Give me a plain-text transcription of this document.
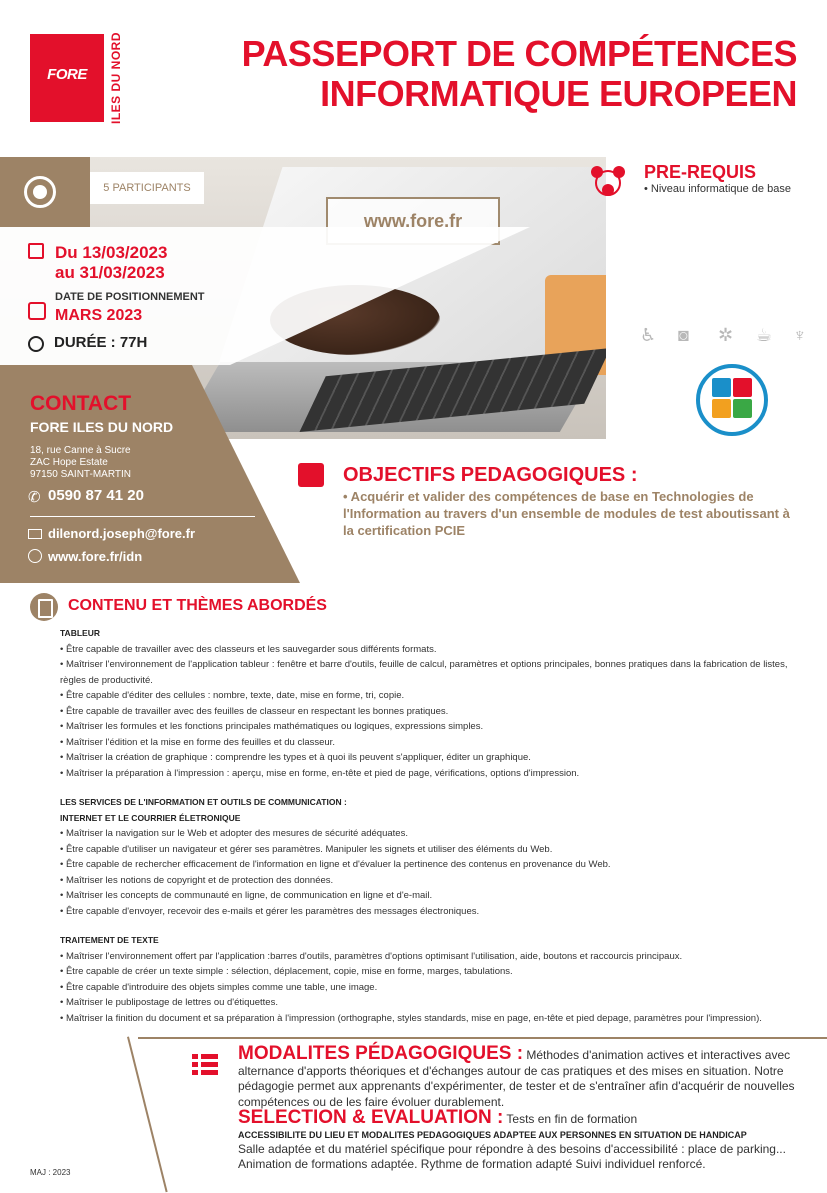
FORE	ILES DU NORD	PASSEPORT DE COMPÉTENCES
INFORMATIQUE EUROPEEN
www.fore.fr
5 PARTICIPANTS
Du 13/03/2023
au 31/03/2023
DATE DE POSITIONNEMENT
MARS 2023
DURÉE : 77H
CONTACT
FORE ILES DU NORD
18, rue Canne à Sucre
ZAC Hope Estate
97150 SAINT-MARTIN
✆ 0590 87 41 20
dilenord.joseph@fore.fr
www.fore.fr/idn
PRE-REQUIS
• Niveau informatique de base
♿ ◙ ✲ ☕ ♆
OBJECTIFS PEDAGOGIQUES :
• Acquérir et valider des compétences de base en Technologies de l'Information au travers d'un ensemble de modules de test aboutissant à la certification PCIE
CONTENU ET THÈMES ABORDÉS
TABLEUR
• Être capable de travailler avec des classeurs et les sauvegarder sous différents formats.
• Maîtriser l'environnement de l'application tableur : fenêtre et barre d'outils, feuille de calcul, paramètres et options principales, bonnes pratiques dans la fabrication de listes, règles de productivité.
• Être capable d'éditer des cellules : nombre, texte, date, mise en forme, tri, copie.
• Être capable de travailler avec des feuilles de classeur en respectant les bonnes pratiques.
• Maîtriser les formules et les fonctions principales mathématiques ou logiques, expressions simples.
• Maîtriser l'édition et la mise en forme des feuilles et du classeur.
• Maîtriser la création de graphique : comprendre les types et à quoi ils peuvent s'appliquer, éditer un graphique.
• Maîtriser la préparation à l'impression : aperçu, mise en forme, en-tête et pied de page, vérifications, options d'impression.
LES SERVICES DE L'INFORMATION ET OUTILS DE COMMUNICATION :
INTERNET ET LE COURRIER ÉLETRONIQUE
• Maîtriser la navigation sur le Web et adopter des mesures de sécurité adéquates.
• Être capable d'utiliser un navigateur et gérer ses paramètres. Manipuler les signets et utiliser des éléments du Web.
• Être capable de rechercher efficacement de l'information en ligne et d'évaluer la pertinence des contenus en provenance du Web.
• Maîtriser les notions de copyright et de protection des données.
• Maîtriser les concepts de communauté en ligne, de communication en ligne et d'e-mail.
• Être capable d'envoyer, recevoir des e-mails et gérer les paramètres des messages électroniques.
TRAITEMENT DE TEXTE
• Maîtriser l'environnement offert par l'application :barres d'outils, paramètres d'options optimisant l'utilisation, aide, boutons et raccourcis principaux.
• Être capable de créer un texte simple : sélection, déplacement, copie, mise en forme, marges, tabulations.
• Être capable d'introduire des objets simples comme une table, une image.
• Maîtriser le publipostage de lettres ou d'étiquettes.
• Maîtriser la finition du document et sa préparation à l'impression (orthographe, styles standards, mise en page, en-tête et pied depage, paramètres pour l'impression).
MODALITES PÉDAGOGIQUES : Méthodes d'animation actives et interactives avec alternance d'apports théoriques et d'échanges autour de cas pratiques et des mises en situation. Notre pédagogie permet aux apprenants d'expérimenter, de tester et de s'entraîner afin d'acquérir de nouvelles compétences ou de les faire évoluer durablement.
SELECTION & EVALUATION : Tests en fin de formation
ACCESSIBILITE DU LIEU ET MODALITES PEDAGOGIQUES ADAPTEE AUX PERSONNES EN SITUATION DE HANDICAP
Salle adaptée et du matériel spécifique pour répondre à des besoins d'accessibilité : place de parking... Animation de formations adaptée. Rythme de formation adapté Suivi individuel renforcé.
MAJ : 2023
